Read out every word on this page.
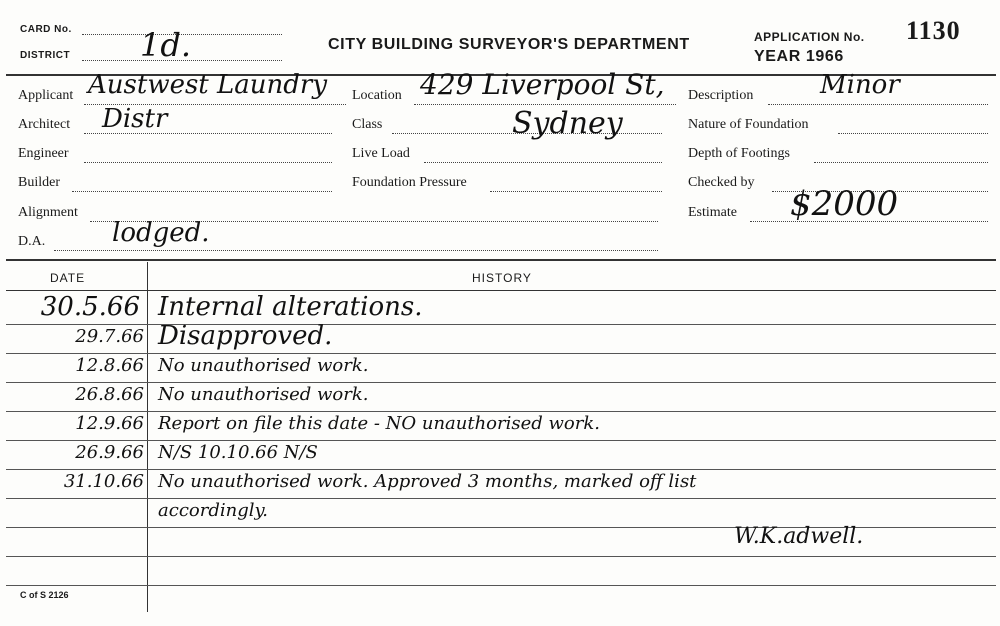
CARD No.
DISTRICT 1d.	CITY BUILDING SURVEYOR'S DEPARTMENT	APPLICATION No. 1130
YEAR 1966
Applicant Austwest Laundry
Architect Distr
Engineer
Builder
Alignment
D.A.	lodged.
Location 429 Liverpool St,
Class	Sydney
Live Load
Foundation Pressure
Description	Minor
Nature of Foundation
Depth of Footings
Checked by
Estimate $2000
DATE	HISTORY
30.5.66 Internal alterations.
29.7.66 Disapproved.
12.8.66 No unauthorised work.
26.8.66 No unauthorised work.
12.9.66 Report on file this date - NO unauthorised work.
26.9.66 N/S 10.10.66 N/S
31.10.66 No unauthorised work. Approved 3 months, marked off list
accordingly.
W.K.adwell.
C of S 2126
